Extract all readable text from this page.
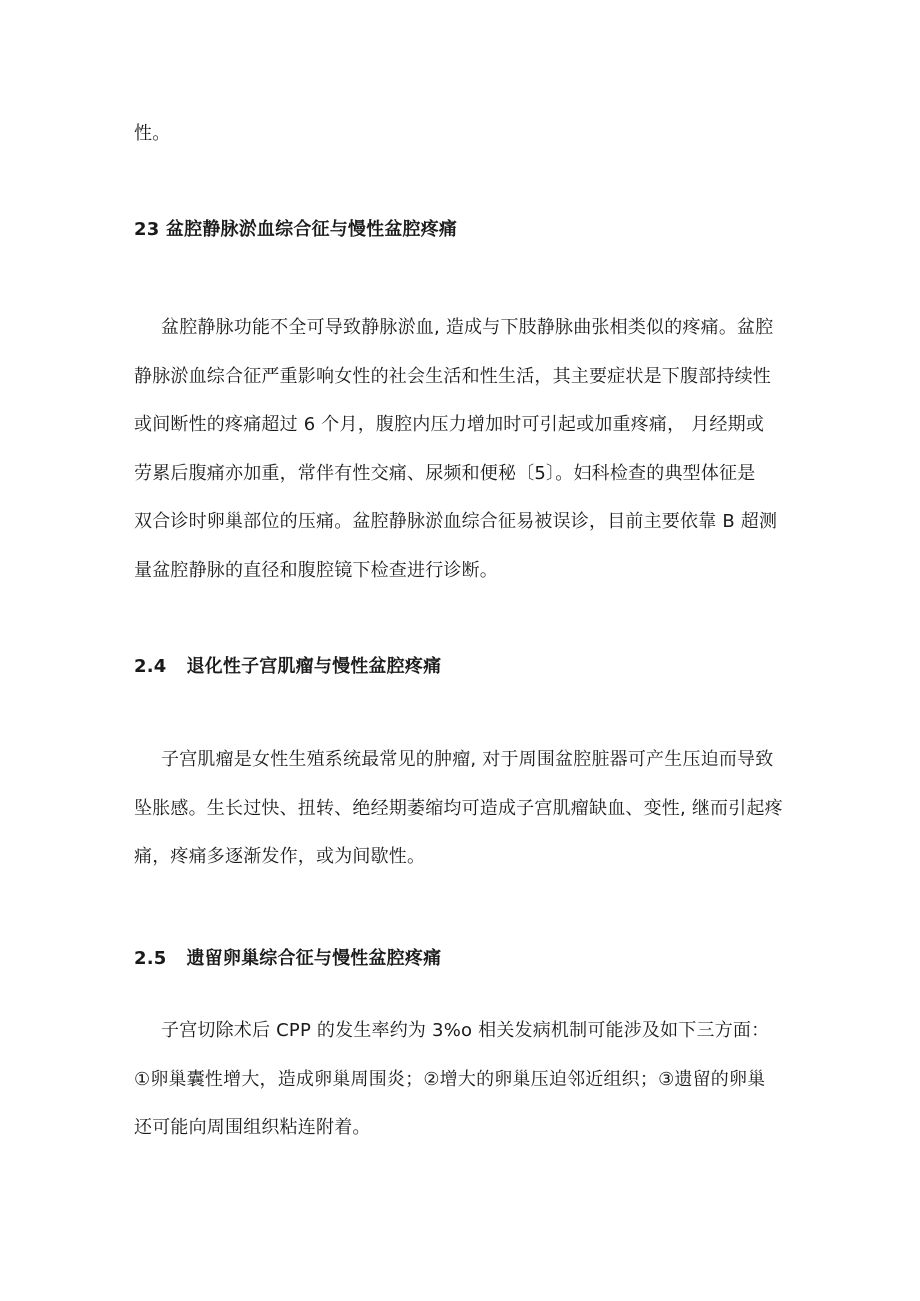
性。
23 盆腔静脉淤血综合征与慢性盆腔疼痛
盆腔静脉功能不全可导致静脉淤血, 造成与下肢静脉曲张相类似的疼痛。盆腔
静脉淤血综合征严重影响女性的社会生活和性生活，其主要症状是下腹部持续性
或间断性的疼痛超过 6 个月，腹腔内压力增加时可引起或加重疼痛， 月经期或
劳累后腹痛亦加重，常伴有性交痛、尿频和便秘〔5〕。妇科检查的典型体征是
双合诊时卵巢部位的压痛。盆腔静脉淤血综合征易被误诊，目前主要依靠 B 超测
量盆腔静脉的直径和腹腔镜下检查进行诊断。
2.4 退化性子宫肌瘤与慢性盆腔疼痛
子宫肌瘤是女性生殖系统最常见的肿瘤, 对于周围盆腔脏器可产生压迫而导致
坠胀感。生长过快、扭转、绝经期萎缩均可造成子宫肌瘤缺血、变性, 继而引起疼
痛，疼痛多逐渐发作，或为间歇性。
2.5 遗留卵巢综合征与慢性盆腔疼痛
子宫切除术后 CPP 的发生率约为 3%o 相关发病机制可能涉及如下三方面：
①卵巢囊性增大，造成卵巢周围炎；②增大的卵巢压迫邻近组织；③遗留的卵巢
还可能向周围组织粘连附着。
